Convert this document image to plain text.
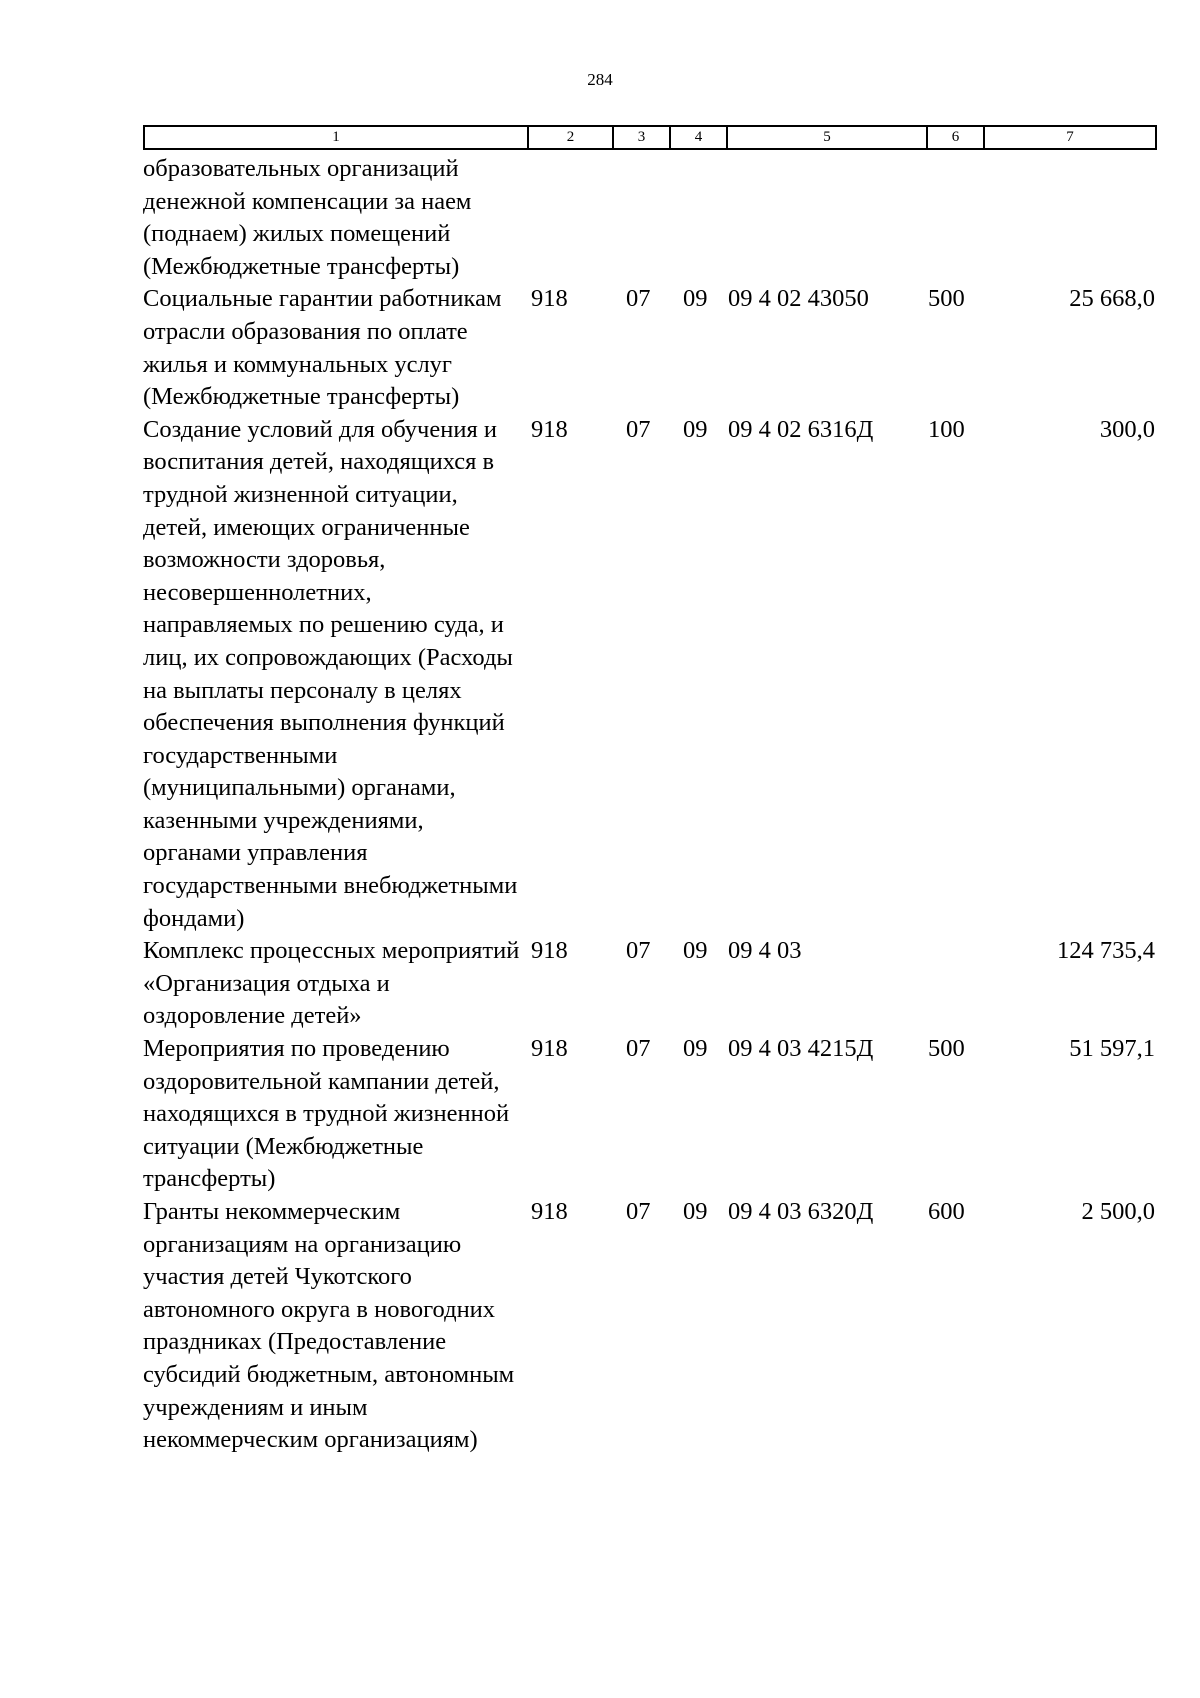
284
1	2	3	4	5	6	7
образовательных организаций денежной компенсации за наем (поднаем) жилых помещений (Межбюджетные трансферты)						
Социальные гарантии работникам отрасли образования по оплате жилья и коммунальных услуг (Межбюджетные трансферты)	918	07	09	09 4 02 43050	500	25 668,0
Создание условий для обучения и воспитания детей, находящихся в трудной жизненной ситуации, детей, имеющих ограниченные возможности здоровья, несовершеннолетних, направляемых по решению суда, и лиц, их сопровождающих (Расходы на выплаты персоналу в целях обеспечения выполнения функций государственными (муниципальными) органами, казенными учреждениями, органами управления государственными внебюджетными фондами)	918	07	09	09 4 02 6316Д	100	300,0
Комплекс процессных мероприятий «Организация отдыха и оздоровление детей»	918	07	09	09 4 03		124 735,4
Мероприятия по проведению оздоровительной кампании детей, находящихся в трудной жизненной ситуации (Межбюджетные трансферты)	918	07	09	09 4 03 4215Д	500	51 597,1
Гранты некоммерческим организациям на организацию участия детей Чукотского автономного округа в новогодних праздниках (Предоставление субсидий бюджетным, автономным учреждениям и иным некоммерческим организациям)	918	07	09	09 4 03 6320Д	600	2 500,0
